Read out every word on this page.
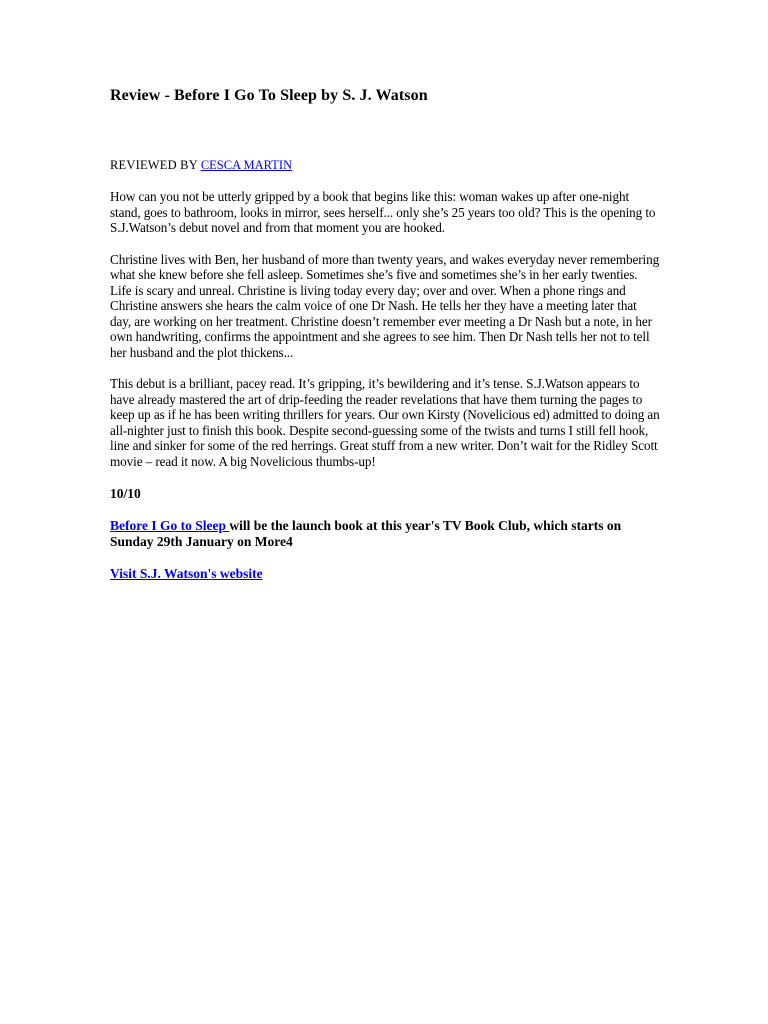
Review - Before I Go To Sleep by S. J. Watson
REVIEWED BY CESCA MARTIN

How can you not be utterly gripped by a book that begins like this: woman wakes up after one-night stand, goes to bathroom, looks in mirror, sees herself... only she’s 25 years too old? This is the opening to S.J.Watson’s debut novel and from that moment you are hooked.

Christine lives with Ben, her husband of more than twenty years, and wakes everyday never remembering what she knew before she fell asleep. Sometimes she’s five and sometimes she’s in her early twenties. Life is scary and unreal. Christine is living today every day; over and over. When a phone rings and Christine answers she hears the calm voice of one Dr Nash. He tells her they have a meeting later that day, are working on her treatment. Christine doesn’t remember ever meeting a Dr Nash but a note, in her own handwriting, confirms the appointment and she agrees to see him. Then Dr Nash tells her not to tell her husband and the plot thickens...

This debut is a brilliant, pacey read. It’s gripping, it’s bewildering and it’s tense. S.J.Watson appears to have already mastered the art of drip-feeding the reader revelations that have them turning the pages to keep up as if he has been writing thrillers for years. Our own Kirsty (Novelicious ed) admitted to doing an all-nighter just to finish this book. Despite second-guessing some of the twists and turns I still fell hook, line and sinker for some of the red herrings. Great stuff from a new writer. Don’t wait for the Ridley Scott movie – read it now. A big Novelicious thumbs-up!

10/10
Before I Go to Sleep will be the launch book at this year's TV Book Club, which starts on Sunday 29th January on More4
Visit S.J. Watson's website
